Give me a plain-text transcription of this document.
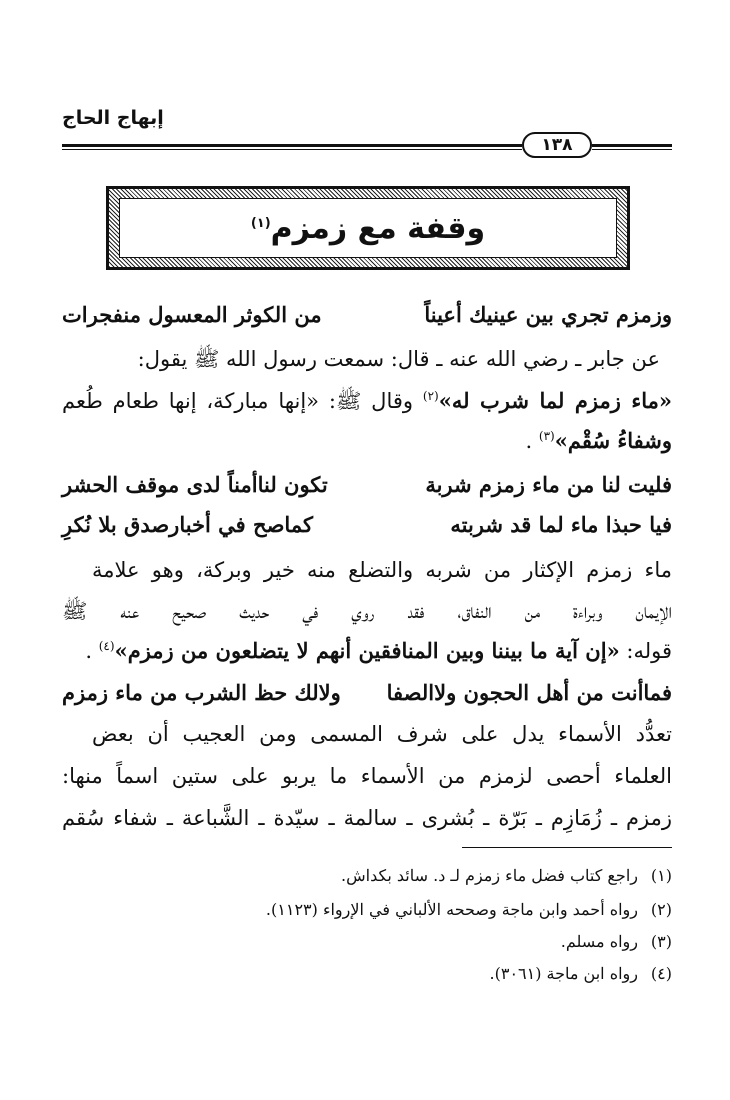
إبهاج الحاج
١٣٨
وقفة مع زمزم$^{(١)}$
وزمزم تجري بين عينيك أعيناً
من الكوثر المعسول منفجرات
عن جابر ـ رضي الله عنه ـ قال: سمعت رسول الله ﷺ يقول:
«ماء زمزم لما شرب له»$^{(٢)}$ وقال ﷺ: «إنها مباركة، إنها طعام طُعم
وشفاءُ سُقْم»$^{(٣)}$ .
فليت لنا من ماء زمزم شربة
تكون لناأمناً لدى موقف الحشر
فيا حبذا ماء لما قد شربته
كماصح في أخبارصدق بلا نُكرِ
ماء زمزم الإكثار من شربه والتضلع منه خير وبركة، وهو علامة
الإيمان وبراءة من النفاق، فقد روي في حديث صحيح عنه ﷺ
قوله: «إن آية ما بيننا وبين المنافقين أنهم لا يتضلعون من زمزم»$^{(٤)}$ .
فماأنت من أهل الحجون ولاالصفا
ولالك حظ الشرب من ماء زمزم
تعدُّد الأسماء يدل على شرف المسمى ومن العجيب أن بعض
العلماء أحصى لزمزم من الأسماء ما يربو على ستين اسماً منها:
زمزم ـ زُمَازِم ـ بَرّة ـ بُشرى ـ سالمة ـ سيّدة ـ الشَّباعة ـ شفاء سُقم
(١)راجع كتاب فضل ماء زمزم لـ د. سائد بكداش.
(٢)رواه أحمد وابن ماجة وصححه الألباني في الإرواء (١١٢٣).
(٣)رواه مسلم.
(٤)رواه ابن ماجة (٣٠٦١).
